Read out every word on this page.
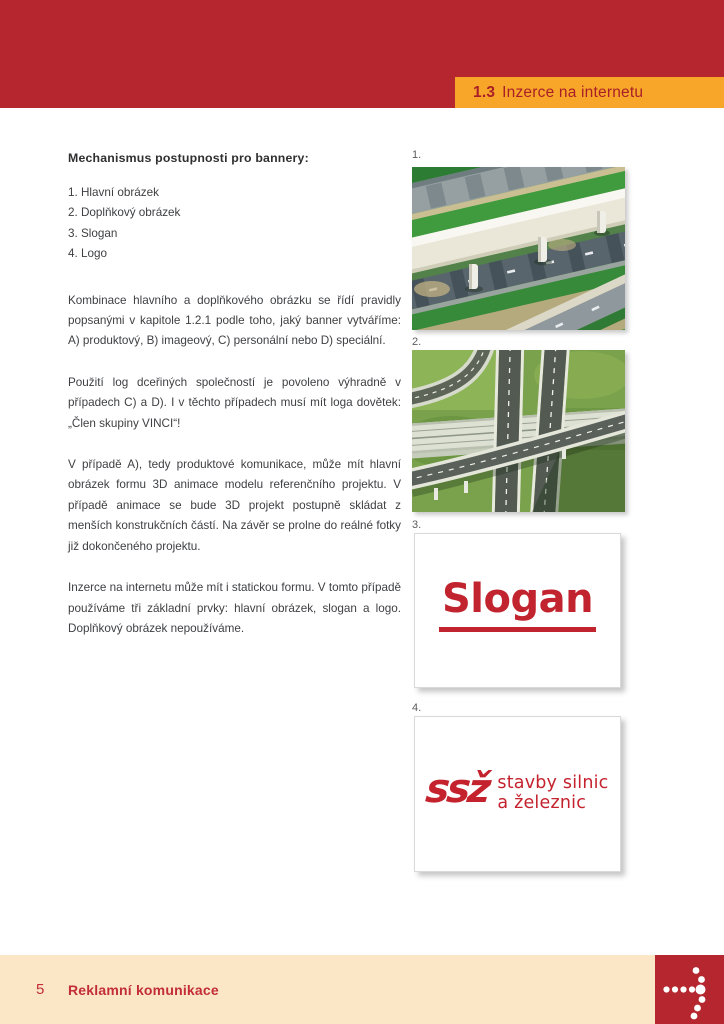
1.3 Inzerce na internetu
Mechanismus postupnosti pro bannery:
1. Hlavní obrázek
2. Doplňkový obrázek
3. Slogan
4. Logo

Kombinace hlavního a doplňkového obrázku se řídí pravidly popsanými v kapitole 1.2.1 podle toho, jaký banner vytváříme: A) produktový, B) imageový, C) personální nebo D) speciální.

Použití log dceřiných společností je povoleno výhradně v případech C) a D). I v těchto případech musí mít loga dovětek: „Člen skupiny VINCI“!

V případě A), tedy produktové komunikace, může mít hlavní obrázek formu 3D animace modelu referenčního projektu. V případě animace se bude 3D projekt postupně skládat z menších konstrukčních částí. Na závěr se prolne do reálné fotky již dokončeného projektu.

Inzerce na internetu může mít i statickou formu. V tomto případě používáme tři základní prvky: hlavní obrázek, slogan a logo. Doplňkový obrázek nepoužíváme.

1.
2.
3.
Slogan
4.
ssž stavby silnic
a železnic
5 Reklamní komunikace
